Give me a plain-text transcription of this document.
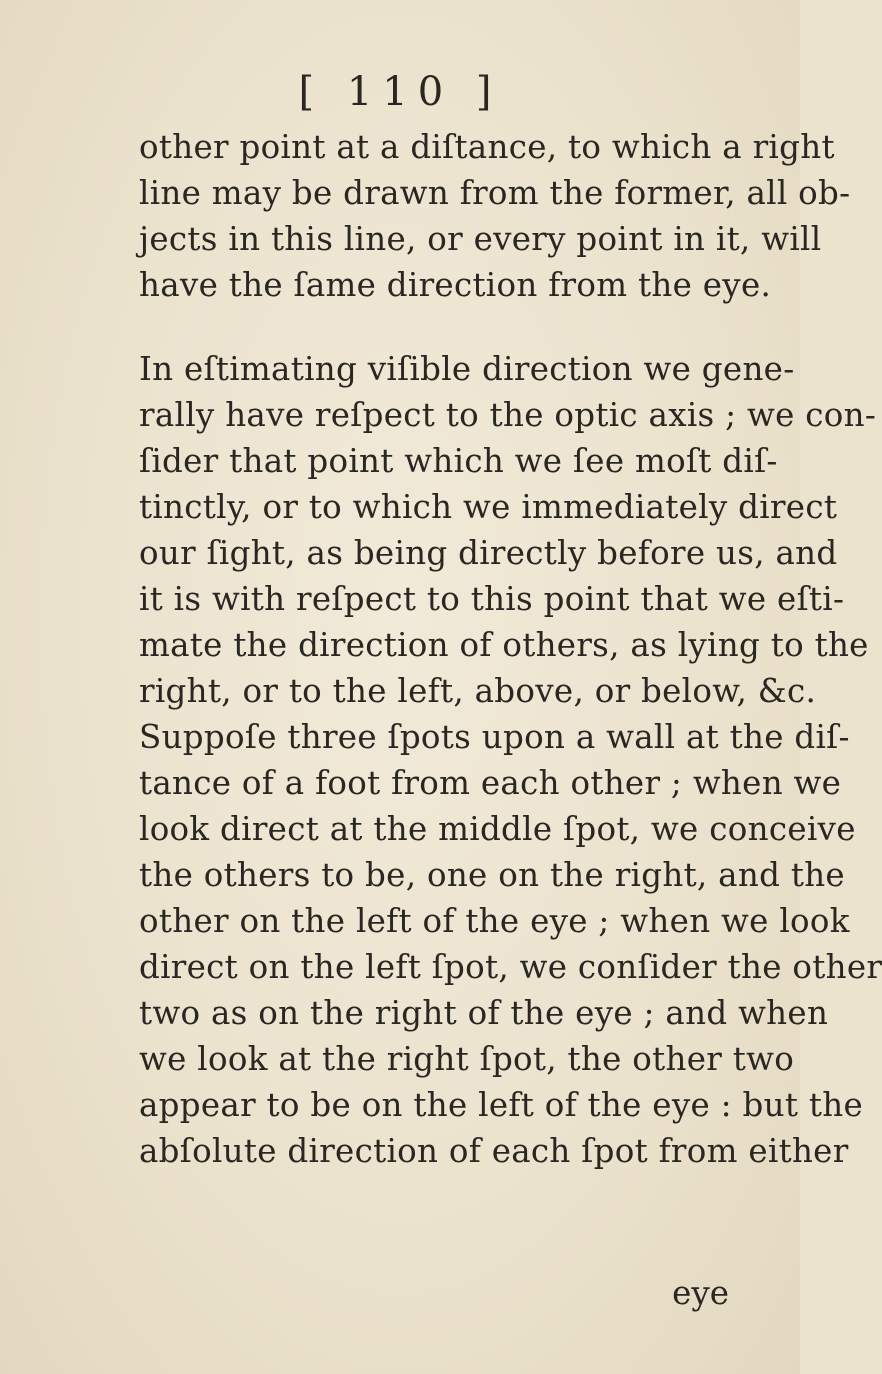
[ 110 ]
other point at a diſtance, to which a right
line may be drawn from the former, all ob-
jects in this line, or every point in it, will
have the ſame direction from the eye.
In eſtimating viſible direction we gene-
rally have reſpect to the optic axis ; we con-
ſider that point which we ſee moſt diſ-
tinctly, or to which we immediately direct
our ſight, as being directly before us, and
it is with reſpect to this point that we eſti-
mate the direction of others, as lying to the
right, or to the left, above, or below, &c.
Suppoſe three ſpots upon a wall at the diſ-
tance of a foot from each other ; when we
look direct at the middle ſpot, we conceive
the others to be, one on the right, and the
other on the left of the eye ; when we look
direct on the left ſpot, we conſider the other
two as on the right of the eye ; and when
we look at the right ſpot, the other two
appear to be on the left of the eye : but the
abſolute direction of each ſpot from either
eye
